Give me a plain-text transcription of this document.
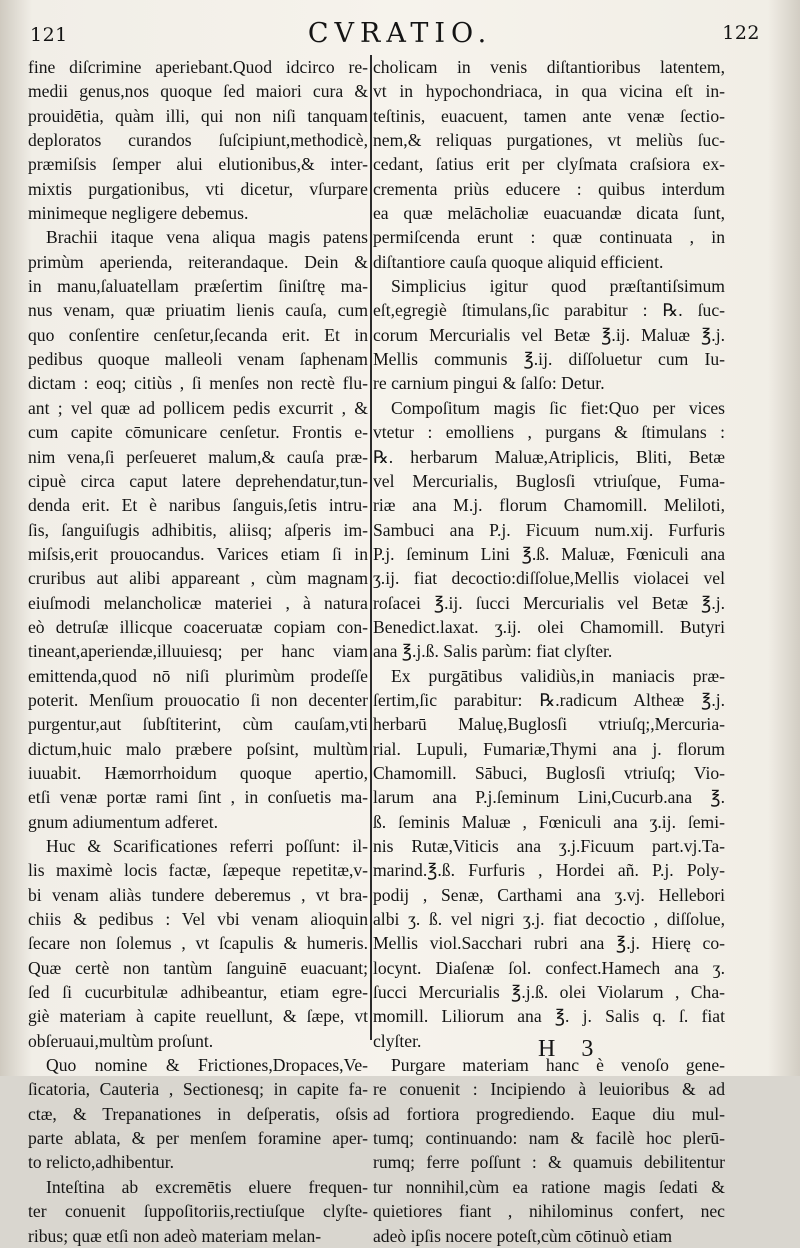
121	CVRATIO.	122
fine diſcrimine aperiebant.Quod idcirco re-
medii genus,nos quoque ſed maiori cura &
prouidētia, quàm illi, qui non niſi tanquam
deploratos curandos ſuſcipiunt,methodicè,
præmiſsis ſemper alui elutionibus,& inter-
mixtis purgationibus, vti dicetur, vſurpare
minimeque negligere debemus.
Brachii itaque vena aliqua magis patens
primùm aperienda, reiterandaque. Dein &
in manu,ſaluatellam præſertim ſiniſtrę ma-
nus venam, quæ priuatim lienis cauſa, cum
quo conſentire cenſetur,ſecanda erit. Et in
pedibus quoque malleoli venam ſaphenam
dictam : eoq; citiùs , ſi menſes non rectè flu-
ant ; vel quæ ad pollicem pedis excurrit , &
cum capite cōmunicare cenſetur. Frontis e-
nim vena,ſi perſeueret malum,& cauſa præ-
cipuè circa caput latere deprehendatur,tun-
denda erit. Et è naribus ſanguis,ſetis intru-
ſis, ſanguiſugis adhibitis, aliisq; aſperis im-
miſsis,erit prouocandus. Varices etiam ſi in
cruribus aut alibi appareant , cùm magnam
eiuſmodi melancholicæ materiei , à natura
eò detruſæ illicque coaceruatæ copiam con-
tineant,aperiendæ,illuuiesq; per hanc viam
emittenda,quod nō niſi plurimùm prodeſſe
poterit. Menſium prouocatio ſi non decenter
purgentur,aut ſubſtiterint, cùm cauſam,vti
dictum,huic malo præbere poſsint, multùm
iuuabit. Hæmorrhoidum quoque apertio,
etſi venæ portæ rami ſint , in conſuetis ma-
gnum adiumentum adferet.
Huc & Scarificationes referri poſſunt: il-
lis maximè locis factæ, ſæpeque repetitæ,v-
bi venam aliàs tundere deberemus , vt bra-
chiis & pedibus : Vel vbi venam alioquin
ſecare non ſolemus , vt ſcapulis & humeris.
Quæ certè non tantùm ſanguinē euacuant;
ſed ſi cucurbitulæ adhibeantur, etiam egre-
giè materiam à capite reuellunt, & ſæpe, vt
obſeruaui,multùm proſunt.
Quo nomine & Frictiones,Dropaces,Ve-
ſicatoria, Cauteria , Sectionesq; in capite fa-
ctæ, & Trepanationes in deſperatis, oſsis
parte ablata, & per menſem foramine aper-
to relicto,adhibentur.
Inteſtina ab excremētis eluere frequen-
ter conuenit ſuppoſitoriis,rectiuſque clyſte-
ribus; quæ etſi non adeò materiam melan-
cholicam in venis diſtantioribus latentem,
vt in hypochondriaca, in qua vicina eſt in-
teſtinis, euacuent, tamen ante venæ ſectio-
nem,& reliquas purgationes, vt meliùs ſuc-
cedant, ſatius erit per clyſmata craſsiora ex-
crementa priùs educere : quibus interdum
ea quæ melācholiæ euacuandæ dicata ſunt,
permiſcenda erunt : quæ continuata , in
diſtantiore cauſa quoque aliquid efficient.
Simplicius igitur quod præſtantiſsimum
eſt,egregiè ſtimulans,ſic parabitur : ℞. ſuc-
corum Mercurialis vel Betæ ℥.ij. Maluæ ℥.j.
Mellis communis ℥.ij. diſſoluetur cum Iu-
re carnium pingui & ſalſo: Detur.
Compoſitum magis ſic fiet:Quo per vices
vtetur : emolliens , purgans & ſtimulans :
℞. herbarum Maluæ,Atriplicis, Bliti, Betæ
vel Mercurialis, Buglosſi vtriuſque, Fuma-
riæ ana M.j. florum Chamomill. Meliloti,
Sambuci ana P.j. Ficuum num.xij. Furfuris
P.j. ſeminum Lini ℥.ß. Maluæ, Fœniculi ana
ʒ.ij. fiat decoctio:diſſolue,Mellis violacei vel
roſacei ℥.ij. ſucci Mercurialis vel Betæ ℥.j.
Benedict.laxat. ʒ.ij. olei Chamomill. Butyri
ana ℥.j.ß. Salis parùm: fiat clyſter.
Ex purgātibus validiùs,in maniacis præ-
ſertim,ſic parabitur: ℞.radicum Altheæ ℥.j.
herbarū Maluę,Buglosſi vtriuſq;,Mercuria-
rial. Lupuli, Fumariæ,Thymi ana j. florum
Chamomill. Sābuci, Buglosſi vtriuſq; Vio-
larum ana P.j.ſeminum Lini,Cucurb.ana ℥.
ß. ſeminis Maluæ , Fœniculi ana ʒ.ij. ſemi-
nis Rutæ,Viticis ana ʒ.j.Ficuum part.vj.Ta-
marind.℥.ß. Furfuris , Hordei añ. P.j. Poly-
podij , Senæ, Carthami ana ʒ.vj. Hellebori
albi ʒ. ß. vel nigri ʒ.j. fiat decoctio , diſſolue,
Mellis viol.Sacchari rubri ana ℥.j. Hierę co-
locynt. Diaſenæ ſol. confect.Hamech ana ʒ.
ſucci Mercurialis ℥.j.ß. olei Violarum , Cha-
momill. Liliorum ana ℥. j. Salis q. ſ. fiat
clyſter.
Purgare materiam hanc è venoſo gene-
re conuenit : Incipiendo à leuioribus & ad
ad fortiora progrediendo. Eaque diu mul-
tumq; continuando: nam & facilè hoc plerū-
rumq; ferre poſſunt : & quamuis debilitentur
tur nonnihil,cùm ea ratione magis ſedati &
quietiores fiant , nihilominus confert, nec
adeò ipſis nocere poteſt,cùm cōtinuò etiam
H 3
